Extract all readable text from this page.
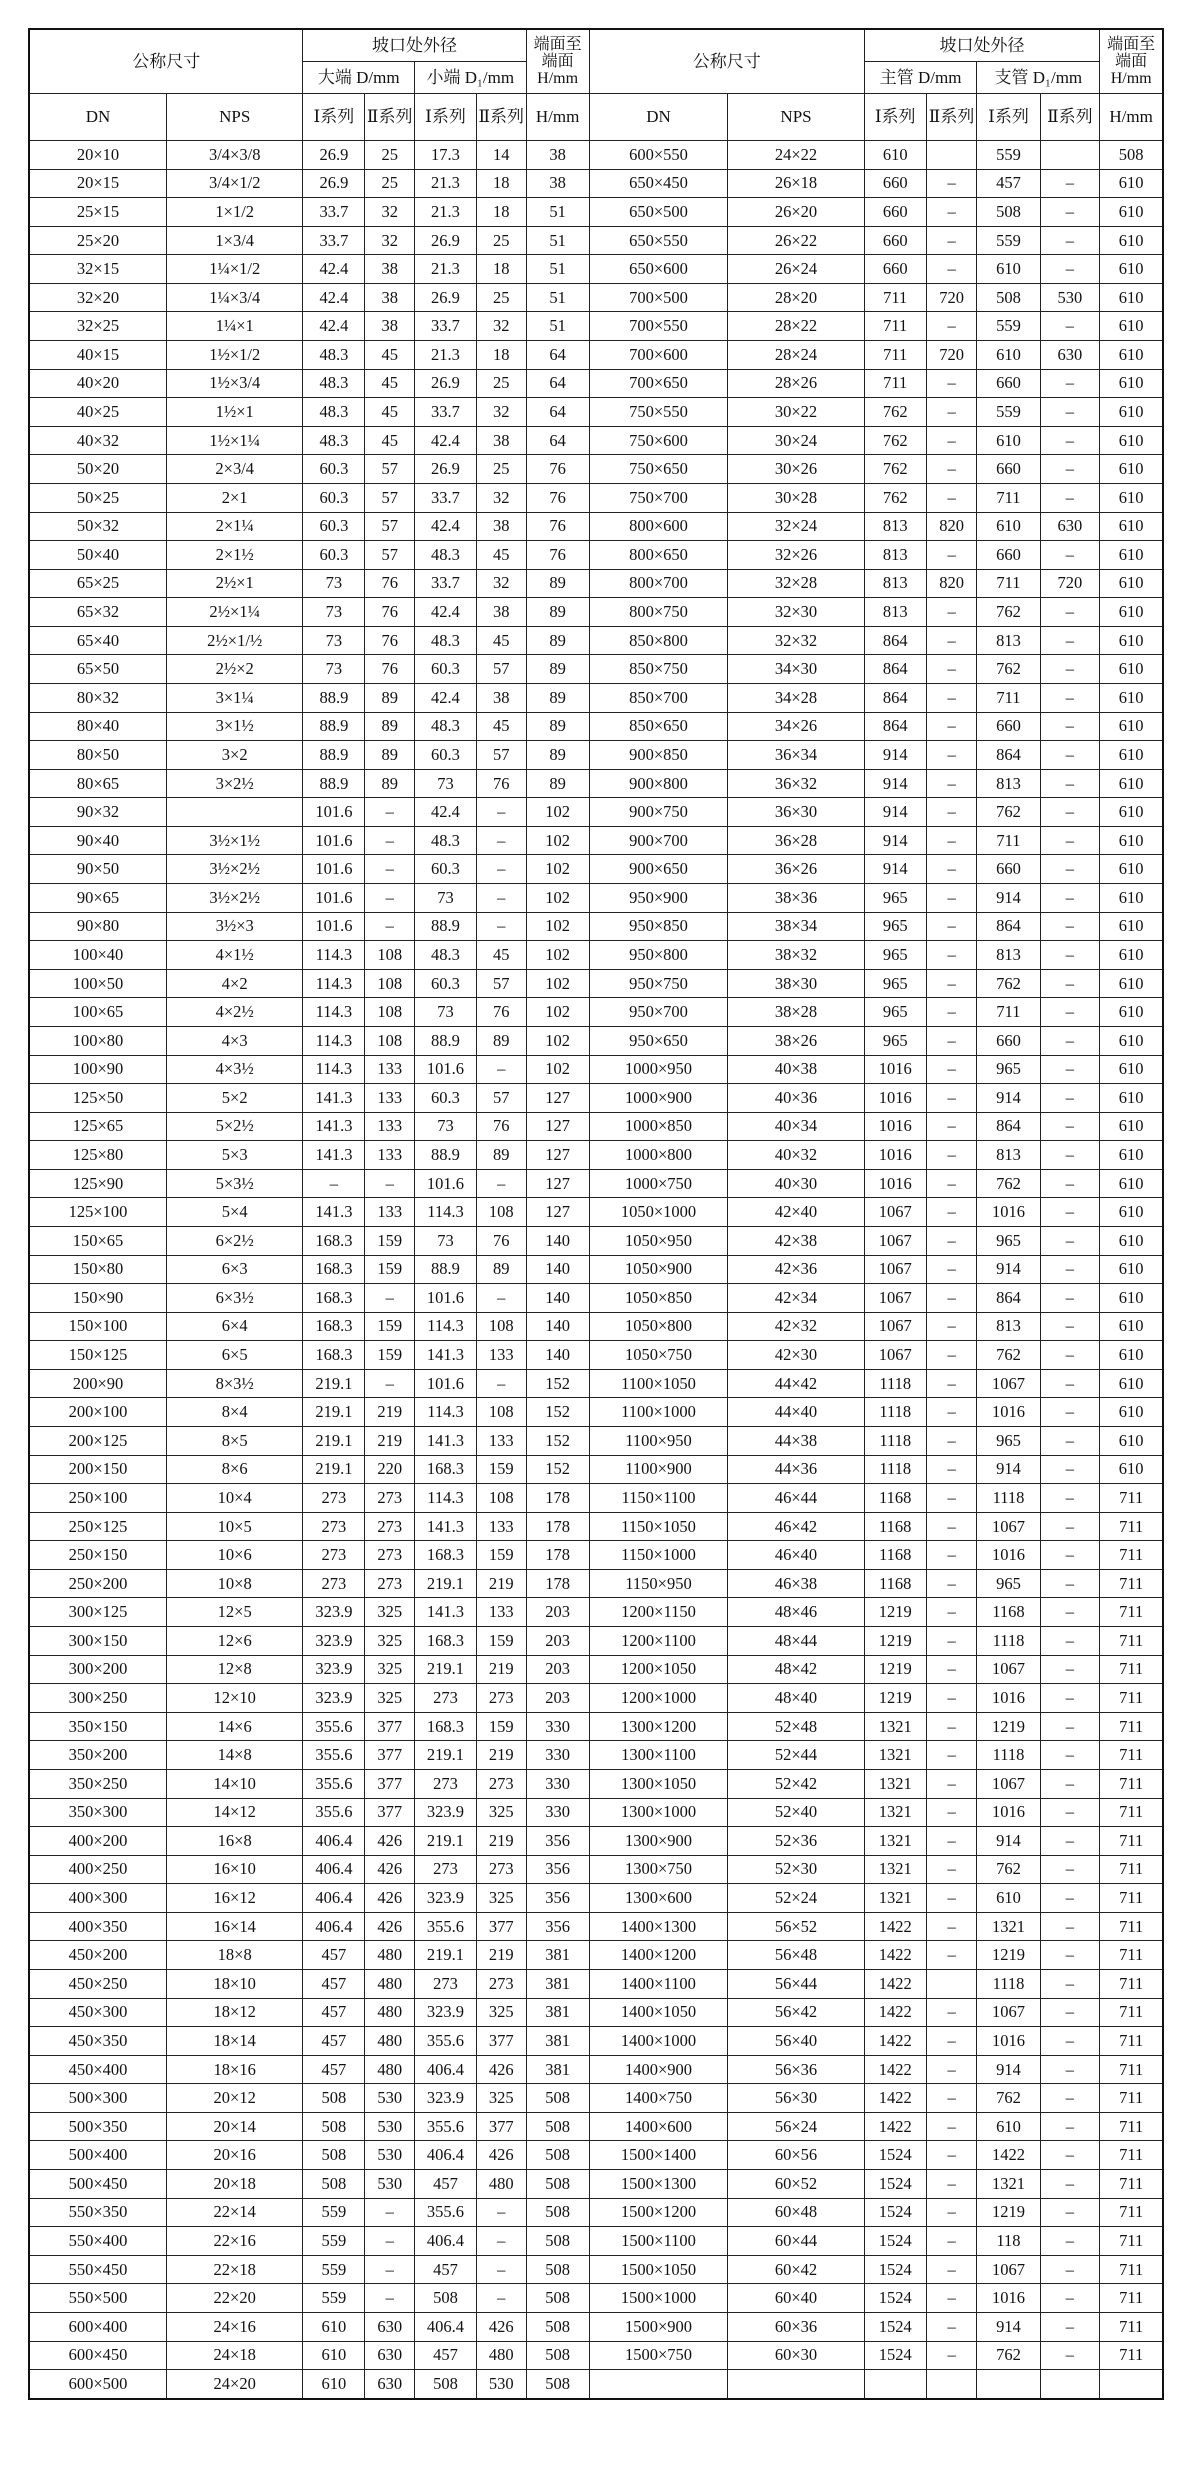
公称尺寸		坡口处外径				端面至端面 H/mm	公称尺寸		坡口处外径				端面至端面 H/mm
		大端 D/mm		小端 D₁/mm					主管 D/mm		支管 D₁/mm		
DN	NPS	Ⅰ系列	Ⅱ系列	Ⅰ系列	Ⅱ系列	H/mm	DN	NPS	Ⅰ系列	Ⅱ系列	Ⅰ系列	Ⅱ系列	H/mm
20×10	3/4×3/8	26.9	25	17.3	14	38	600×550	24×22	610		559		508
20×15	3/4×1/2	26.9	25	21.3	18	38	650×450	26×18	660	–	457	–	610
25×15	1×1/2	33.7	32	21.3	18	51	650×500	26×20	660	–	508	–	610
25×20	1×3/4	33.7	32	26.9	25	51	650×550	26×22	660	–	559	–	610
32×15	1¼×1/2	42.4	38	21.3	18	51	650×600	26×24	660	–	610	–	610
32×20	1¼×3/4	42.4	38	26.9	25	51	700×500	28×20	711	720	508	530	610
32×25	1¼×1	42.4	38	33.7	32	51	700×550	28×22	711	–	559	–	610
40×15	1½×1/2	48.3	45	21.3	18	64	700×600	28×24	711	720	610	630	610
40×20	1½×3/4	48.3	45	26.9	25	64	700×650	28×26	711	–	660	–	610
40×25	1½×1	48.3	45	33.7	32	64	750×550	30×22	762	–	559	–	610
40×32	1½×1¼	48.3	45	42.4	38	64	750×600	30×24	762	–	610	–	610
50×20	2×3/4	60.3	57	26.9	25	76	750×650	30×26	762	–	660	–	610
50×25	2×1	60.3	57	33.7	32	76	750×700	30×28	762	–	711	–	610
50×32	2×1¼	60.3	57	42.4	38	76	800×600	32×24	813	820	610	630	610
50×40	2×1½	60.3	57	48.3	45	76	800×650	32×26	813	–	660	–	610
65×25	2½×1	73	76	33.7	32	89	800×700	32×28	813	820	711	720	610
65×32	2½×1¼	73	76	42.4	38	89	800×750	32×30	813	–	762	–	610
65×40	2½×1/½	73	76	48.3	45	89	850×800	32×32	864	–	813	–	610
65×50	2½×2	73	76	60.3	57	89	850×750	34×30	864	–	762	–	610
80×32	3×1¼	88.9	89	42.4	38	89	850×700	34×28	864	–	711	–	610
80×40	3×1½	88.9	89	48.3	45	89	850×650	34×26	864	–	660	–	610
80×50	3×2	88.9	89	60.3	57	89	900×850	36×34	914	–	864	–	610
80×65	3×2½	88.9	89	73	76	89	900×800	36×32	914	–	813	–	610
90×32		101.6	–	42.4	–	102	900×750	36×30	914	–	762	–	610
90×40	3½×1½	101.6	–	48.3	–	102	900×700	36×28	914	–	711	–	610
90×50	3½×2½	101.6	–	60.3	–	102	900×650	36×26	914	–	660	–	610
90×65	3½×2½	101.6	–	73	–	102	950×900	38×36	965	–	914	–	610
90×80	3½×3	101.6	–	88.9	–	102	950×850	38×34	965	–	864	–	610
100×40	4×1½	114.3	108	48.3	45	102	950×800	38×32	965	–	813	–	610
100×50	4×2	114.3	108	60.3	57	102	950×750	38×30	965	–	762	–	610
100×65	4×2½	114.3	108	73	76	102	950×700	38×28	965	–	711	–	610
100×80	4×3	114.3	108	88.9	89	102	950×650	38×26	965	–	660	–	610
100×90	4×3½	114.3	133	101.6	–	102	1000×950	40×38	1016	–	965	–	610
125×50	5×2	141.3	133	60.3	57	127	1000×900	40×36	1016	–	914	–	610
125×65	5×2½	141.3	133	73	76	127	1000×850	40×34	1016	–	864	–	610
125×80	5×3	141.3	133	88.9	89	127	1000×800	40×32	1016	–	813	–	610
125×90	5×3½	–	–	101.6	–	127	1000×750	40×30	1016	–	762	–	610
125×100	5×4	141.3	133	114.3	108	127	1050×1000	42×40	1067	–	1016	–	610
150×65	6×2½	168.3	159	73	76	140	1050×950	42×38	1067	–	965	–	610
150×80	6×3	168.3	159	88.9	89	140	1050×900	42×36	1067	–	914	–	610
150×90	6×3½	168.3	–	101.6	–	140	1050×850	42×34	1067	–	864	–	610
150×100	6×4	168.3	159	114.3	108	140	1050×800	42×32	1067	–	813	–	610
150×125	6×5	168.3	159	141.3	133	140	1050×750	42×30	1067	–	762	–	610
200×90	8×3½	219.1	–	101.6	–	152	1100×1050	44×42	1118	–	1067	–	610
200×100	8×4	219.1	219	114.3	108	152	1100×1000	44×40	1118	–	1016	–	610
200×125	8×5	219.1	219	141.3	133	152	1100×950	44×38	1118	–	965	–	610
200×150	8×6	219.1	220	168.3	159	152	1100×900	44×36	1118	–	914	–	610
250×100	10×4	273	273	114.3	108	178	1150×1100	46×44	1168	–	1118	–	711
250×125	10×5	273	273	141.3	133	178	1150×1050	46×42	1168	–	1067	–	711
250×150	10×6	273	273	168.3	159	178	1150×1000	46×40	1168	–	1016	–	711
250×200	10×8	273	273	219.1	219	178	1150×950	46×38	1168	–	965	–	711
300×125	12×5	323.9	325	141.3	133	203	1200×1150	48×46	1219	–	1168	–	711
300×150	12×6	323.9	325	168.3	159	203	1200×1100	48×44	1219	–	1118	–	711
300×200	12×8	323.9	325	219.1	219	203	1200×1050	48×42	1219	–	1067	–	711
300×250	12×10	323.9	325	273	273	203	1200×1000	48×40	1219	–	1016	–	711
350×150	14×6	355.6	377	168.3	159	330	1300×1200	52×48	1321	–	1219	–	711
350×200	14×8	355.6	377	219.1	219	330	1300×1100	52×44	1321	–	1118	–	711
350×250	14×10	355.6	377	273	273	330	1300×1050	52×42	1321	–	1067	–	711
350×300	14×12	355.6	377	323.9	325	330	1300×1000	52×40	1321	–	1016	–	711
400×200	16×8	406.4	426	219.1	219	356	1300×900	52×36	1321	–	914	–	711
400×250	16×10	406.4	426	273	273	356	1300×750	52×30	1321	–	762	–	711
400×300	16×12	406.4	426	323.9	325	356	1300×600	52×24	1321	–	610	–	711
400×350	16×14	406.4	426	355.6	377	356	1400×1300	56×52	1422	–	1321	–	711
450×200	18×8	457	480	219.1	219	381	1400×1200	56×48	1422	–	1219	–	711
450×250	18×10	457	480	273	273	381	1400×1100	56×44	1422		1118	–	711
450×300	18×12	457	480	323.9	325	381	1400×1050	56×42	1422	–	1067	–	711
450×350	18×14	457	480	355.6	377	381	1400×1000	56×40	1422	–	1016	–	711
450×400	18×16	457	480	406.4	426	381	1400×900	56×36	1422	–	914	–	711
500×300	20×12	508	530	323.9	325	508	1400×750	56×30	1422	–	762	–	711
500×350	20×14	508	530	355.6	377	508	1400×600	56×24	1422	–	610	–	711
500×400	20×16	508	530	406.4	426	508	1500×1400	60×56	1524	–	1422	–	711
500×450	20×18	508	530	457	480	508	1500×1300	60×52	1524	–	1321	–	711
550×350	22×14	559	–	355.6	–	508	1500×1200	60×48	1524	–	1219	–	711
550×400	22×16	559	–	406.4	–	508	1500×1100	60×44	1524	–	118	–	711
550×450	22×18	559	–	457	–	508	1500×1050	60×42	1524	–	1067	–	711
550×500	22×20	559	–	508	–	508	1500×1000	60×40	1524	–	1016	–	711
600×400	24×16	610	630	406.4	426	508	1500×900	60×36	1524	–	914	–	711
600×450	24×18	610	630	457	480	508	1500×750	60×30	1524	–	762	–	711
600×500	24×20	610	630	508	530	508							
